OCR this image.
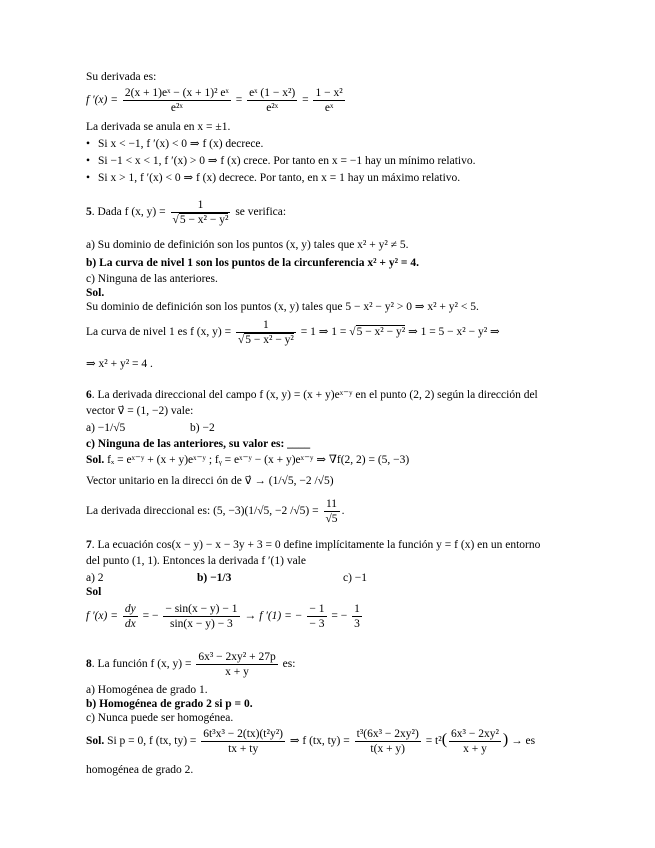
Su derivada es:
f $'(x) = \frac{\text{2(x + 1)eˣ − (x + 1)² eˣ}}{\text{e²ˣ}} = \frac{\text{eˣ (1 − x²)}}{\text{e²ˣ}} = \frac{\text{1 − x²}}{\text{eˣ}}$
La derivada se anula en x = ±1.
• Si x < −1, f ′(x) < 0 ⇒ f (x) decrece.
• Si −1 < x < 1, f ′(x) > 0 ⇒ f (x) crece. Por tanto en x = −1 hay un mínimo relativo.
• Si x > 1, f ′(x) < 0 ⇒ f (x) decrece. Por tanto, en x = 1 hay un máximo relativo.
5. Dada f (x, $y) = \frac{1}{\text{√5 − x² − y²}}$ se verifica:
a) Su dominio de definición son los puntos (x, y) tales que x² + y² ≠ 5.
b) La curva de nivel 1 son los puntos de la circunferencia x² + y² = 4.
c) Ninguna de las anteriores.
Sol.
Su dominio de definición son los puntos (x, y) tales que 5 − x² − y² > 0 ⇒ x² + y² < 5.
La curva de nivel 1 es f (x, $y) = \frac{1}{\text{√5 − x² − y²}} = 1$ ⇒ 1 = √5 − x² − y² ⇒ 1 = 5 − x² − y² ⇒
⇒ x² + y² = 4 .
6. La derivada direccional del campo f (x, y) = (x + y)eˣ⁻ʸ en el punto (2, 2) según la dirección del
vector v⃗ = (1, −2) vale:
a) −1/√5	b) −2
c) Ninguna de las anteriores, su valor es: ____
Sol. fₓ = eˣ⁻ʸ + (x + y)eˣ⁻ʸ ; fᵧ = eˣ⁻ʸ − (x + y)eˣ⁻ʸ ⇒ ∇f(2, 2) = (5, −3)
Vector unitario en la direcci ón de v⃗ → (1/√5, −2 /√5)
La derivada direccional es: (5, −3)(1/√5, −2 $/√5) = \frac{11}{√5}$ .
7. La ecuación cos(x − y) − x − 3y + 3 = 0 define implícitamente la función y = f (x) en un entorno
del punto (1, 1). Entonces la derivada f ′(1) vale
a) 2	b) −1/3	c) −1
Sol
f $'(x) = \frac{dy}{dx}$ = − $\frac{- \sin(x - y) - 1}{\sin(x - y) - 3} \to f$ ′(1) = − $\frac{- 1}{- 3}$ = − $\frac{1}{3}$
8. La función f (x, $y) = \frac{\text{6x³ − 2xy² + 27p}}{x + y}$ es:
a) Homogénea de grado 1.
b) Homogénea de grado 2 si p = 0.
c) Nunca puede ser homogénea.
Sol. Si p = 0, f (tx, $ty) = \frac{\text{6t³x³ − 2(tx)(t²y²)}}{tx + ty}$ ⇒ f (tx, $ty) = \frac{\text{t³(6x³ − 2xy²)}}{t(x + y)} = t^2( \frac{\text{6x³ − 2xy²}}{x + y}$ ) → es
homogénea de grado 2.
